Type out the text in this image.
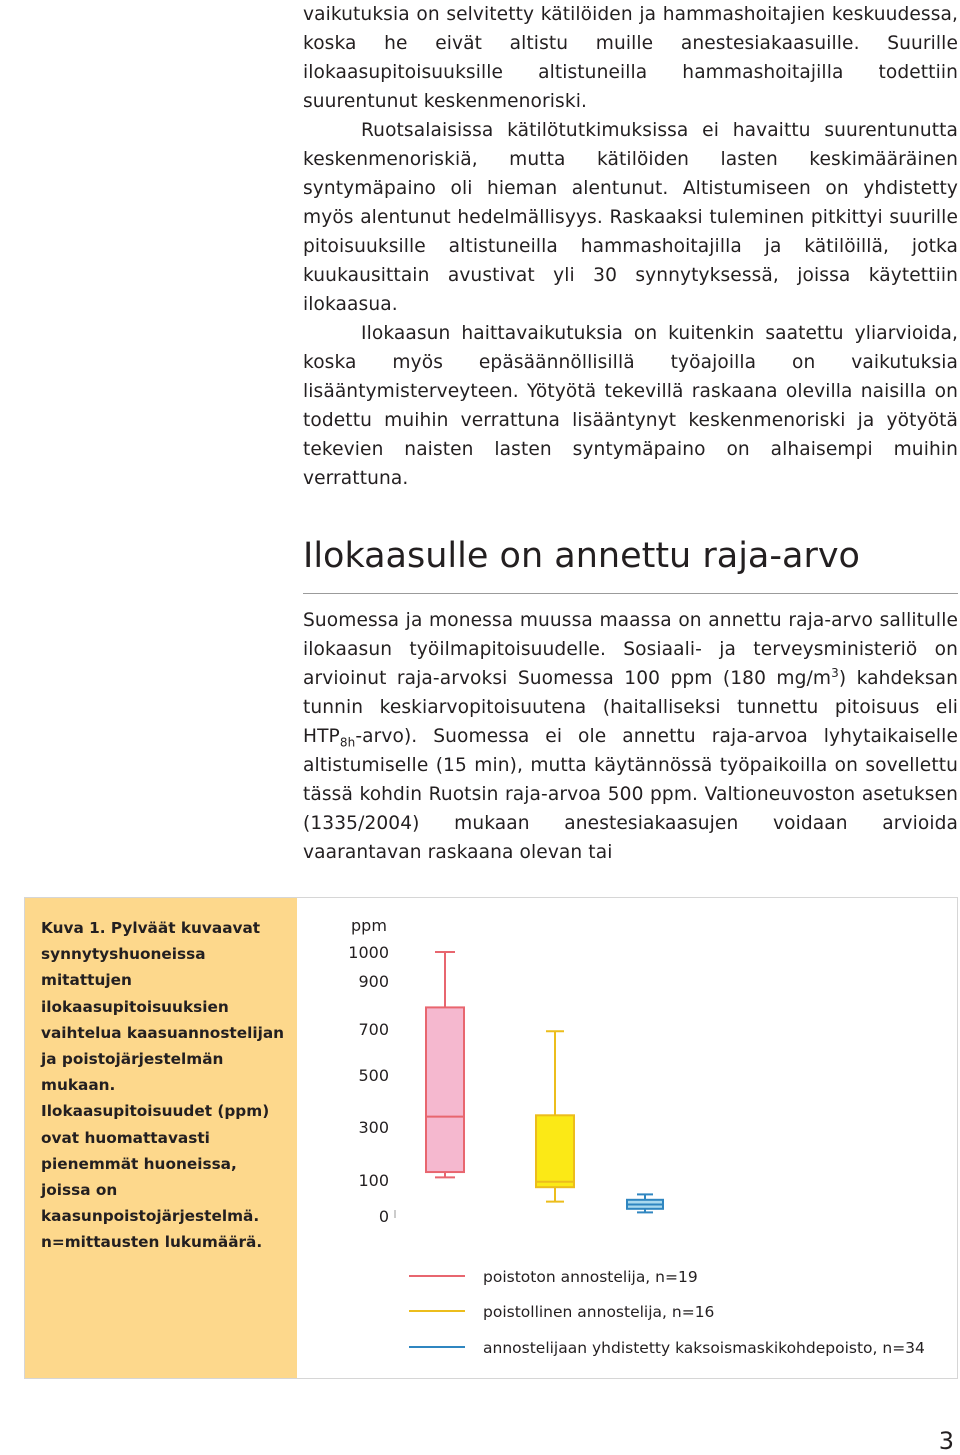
vaikutuksia on selvitetty kätilöiden ja hammashoitajien keskuudessa, koska he eivät altistu muille anestesiakaasuille. Suurille ilokaasupitoisuuksille altistuneilla hammashoitajilla todettiin suurentunut keskenmenoriski.

Ruotsalaisissa kätilötutkimuksissa ei havaittu suurentunutta keskenmenoriskiä, mutta kätilöiden lasten keskimääräinen syntymäpaino oli hieman alentunut. Altistumiseen on yhdistetty myös alentunut hedelmällisyys. Raskaaksi tuleminen pitkittyi suurille pitoisuuksille altistuneilla hammashoitajilla ja kätilöillä, jotka kuukausittain avustivat yli 30 synnytyksessä, joissa käytettiin ilokaasua.

Ilokaasun haittavaikutuksia on kuitenkin saatettu yliarvioida, koska myös epäsäännöllisillä työajoilla on vaikutuksia lisääntymisterveyteen. Yötyötä tekevillä raskaana olevilla naisilla on todettu muihin verrattuna lisääntynyt keskenmenoriski ja yötyötä tekevien naisten lasten syntymäpaino on alhaisempi muihin verrattuna.

Ilokaasulle on annettu raja-arvo

Suomessa ja monessa muussa maassa on annettu raja-arvo sallitulle ilokaasun työilmapitoisuudelle. Sosiaali- ja terveysministeriö on arvioinut raja-arvoksi Suomessa 100 ppm (180 $mg/m^3$) kahdeksan tunnin keskiarvopitoisuutena (haitalliseksi tunnettu pitoisuus eli $HTP_{8h}-arvo$). Suomessa ei ole annettu raja-arvoa lyhytaikaiselle altistumiselle (15 min), mutta käytännössä työpaikoilla on sovellettu tässä kohdin Ruotsin raja-arvoa 500 ppm. Valtioneuvoston asetuksen (1335/2004) mukaan anestesiakaasujen voidaan arvioida vaarantavan raskaana olevan tai

Kuva 1. Pylväät kuvaavat synnytyshuoneissa mitattujen ilokaasupitoisuuksien vaihtelua kaasuannostelijan ja poistojärjestelmän mukaan. Ilokaasupitoisuudet (ppm) ovat huomattavasti pienemmät huoneissa, joissa on kaasunpoistojärjestelmä. n=mittausten lukumäärä.
ppm
0
100
300
500
700
900
1000
poistoton annostelija, n=19
poistollinen annostelija, n=16
annostelijaan yhdistetty kaksoismaskikohdepoisto, n=34
3
